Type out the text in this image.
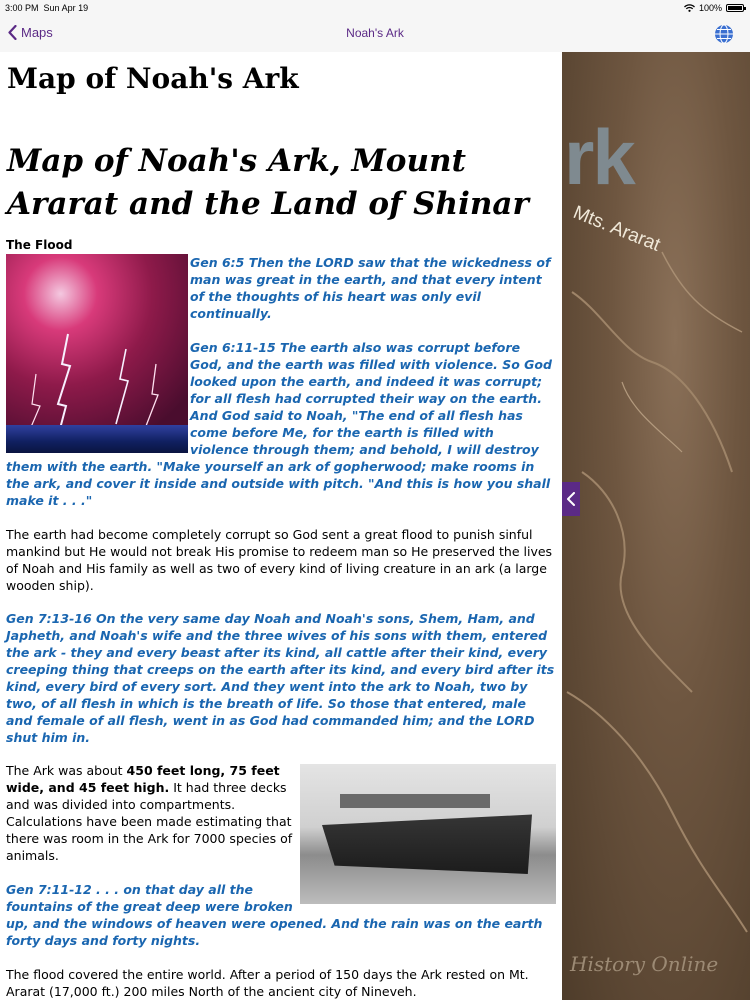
3:00 PM Sun Apr 19	100%
Maps	Noah's Ark
Map of Noah's Ark
Map of Noah's Ark, Mount Ararat and the Land of Shinar
The Flood

Gen 6:5 Then the LORD saw that the wickedness of man was great in the earth, and that every intent of the thoughts of his heart was only evil continually.

Gen 6:11-15 The earth also was corrupt before God, and the earth was filled with violence. So God looked upon the earth, and indeed it was corrupt; for all flesh had corrupted their way on the earth. And God said to Noah, "The end of all flesh has come before Me, for the earth is filled with violence through them; and behold, I will destroy them with the earth. "Make yourself an ark of gopherwood; make rooms in the ark, and cover it inside and outside with pitch. "And this is how you shall make it . . ."

The earth had become completely corrupt so God sent a great flood to punish sinful mankind but He would not break His promise to redeem man so He preserved the lives of Noah and His family as well as two of every kind of living creature in an ark (a large wooden ship).

Gen 7:13-16 On the very same day Noah and Noah's sons, Shem, Ham, and Japheth, and Noah's wife and the three wives of his sons with them, entered the ark - they and every beast after its kind, all cattle after their kind, every creeping thing that creeps on the earth after its kind, and every bird after its kind, every bird of every sort. And they went into the ark to Noah, two by two, of all flesh in which is the breath of life. So those that entered, male and female of all flesh, went in as God had commanded him; and the LORD shut him in.

The Ark was about 450 feet long, 75 feet wide, and 45 feet high. It had three decks and was divided into compartments. Calculations have been made estimating that there was room in the Ark for 7000 species of animals.

Gen 7:11-12 . . . on that day all the fountains of the great deep were broken up, and the windows of heaven were opened. And the rain was on the earth forty days and forty nights.

The flood covered the entire world. After a period of 150 days the Ark rested on Mt. Ararat (17,000 ft.) 200 miles North of the ancient city of Nineveh.

rk
Mts. Ararat
History Online
